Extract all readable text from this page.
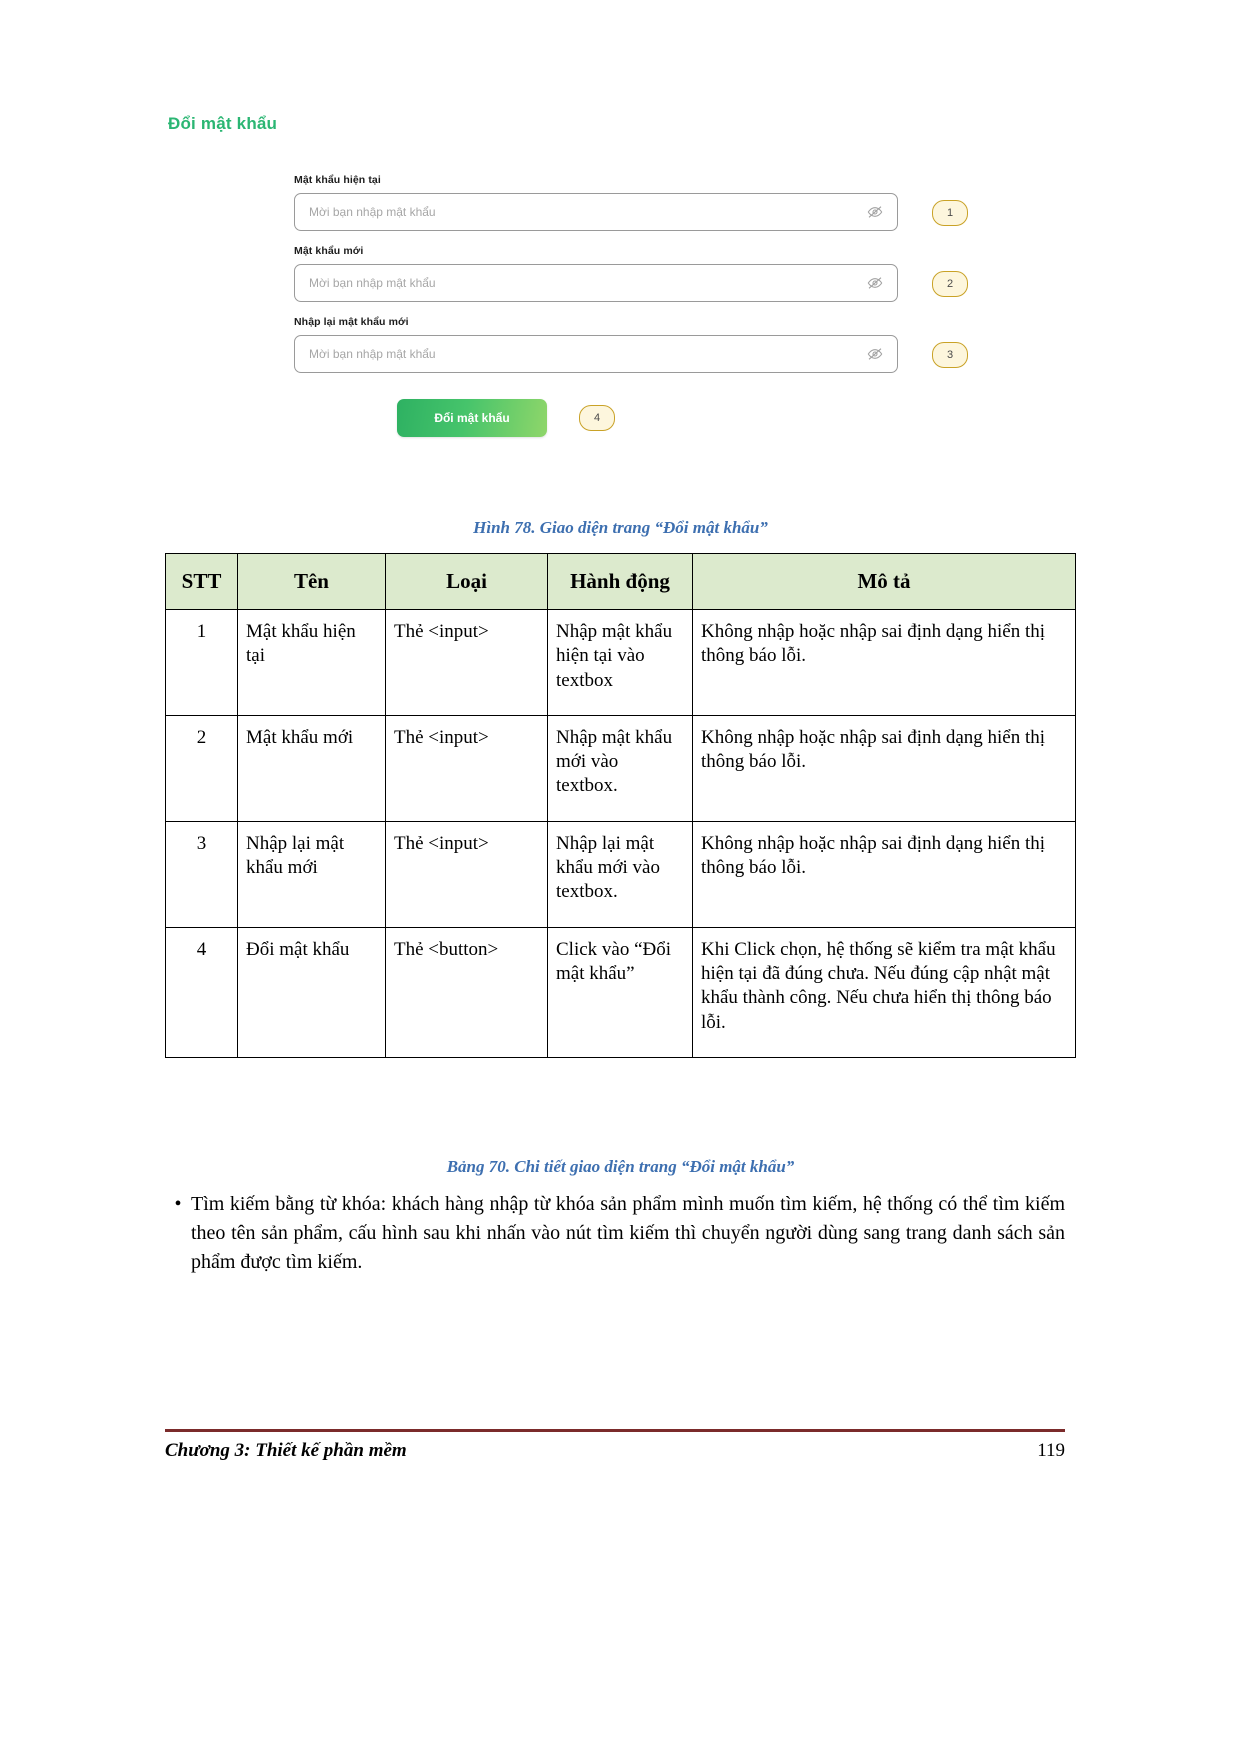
Đổi mật khẩu
Mật khẩu hiện tại
Mời bạn nhập mật khẩu	1
Mật khẩu mới
Mời bạn nhập mật khẩu	2
Nhập lại mật khẩu mới
Mời bạn nhập mật khẩu	3
Đổi mật khẩu	4
Hình 78. Giao diện trang “Đổi mật khẩu”
STT	Tên	Loại	Hành động	Mô tả
1	Mật khẩu hiện tại	Thẻ <input>	Nhập mật khẩu hiện tại vào textbox	Không nhập hoặc nhập sai định dạng hiển thị thông báo lỗi.
2	Mật khẩu mới	Thẻ <input>	Nhập mật khẩu mới vào textbox.	Không nhập hoặc nhập sai định dạng hiển thị thông báo lỗi.
3	Nhập lại mật khẩu mới	Thẻ <input>	Nhập lại mật khẩu mới vào textbox.	Không nhập hoặc nhập sai định dạng hiển thị thông báo lỗi.
4	Đổi mật khẩu	Thẻ <button>	Click vào “Đổi mật khẩu”	Khi Click chọn, hệ thống sẽ kiểm tra mật khẩu hiện tại đã đúng chưa. Nếu đúng cập nhật mật khẩu thành công. Nếu chưa hiển thị thông báo lỗi.
Bảng 70. Chi tiết giao diện trang “Đổi mật khẩu”
• Tìm kiếm bằng từ khóa: khách hàng nhập từ khóa sản phẩm mình muốn tìm kiếm, hệ thống có thể tìm kiếm theo tên sản phẩm, cấu hình sau khi nhấn vào nút tìm kiếm thì chuyển người dùng sang trang danh sách sản phẩm được tìm kiếm.
Chương 3: Thiết kế phần mềm	119
